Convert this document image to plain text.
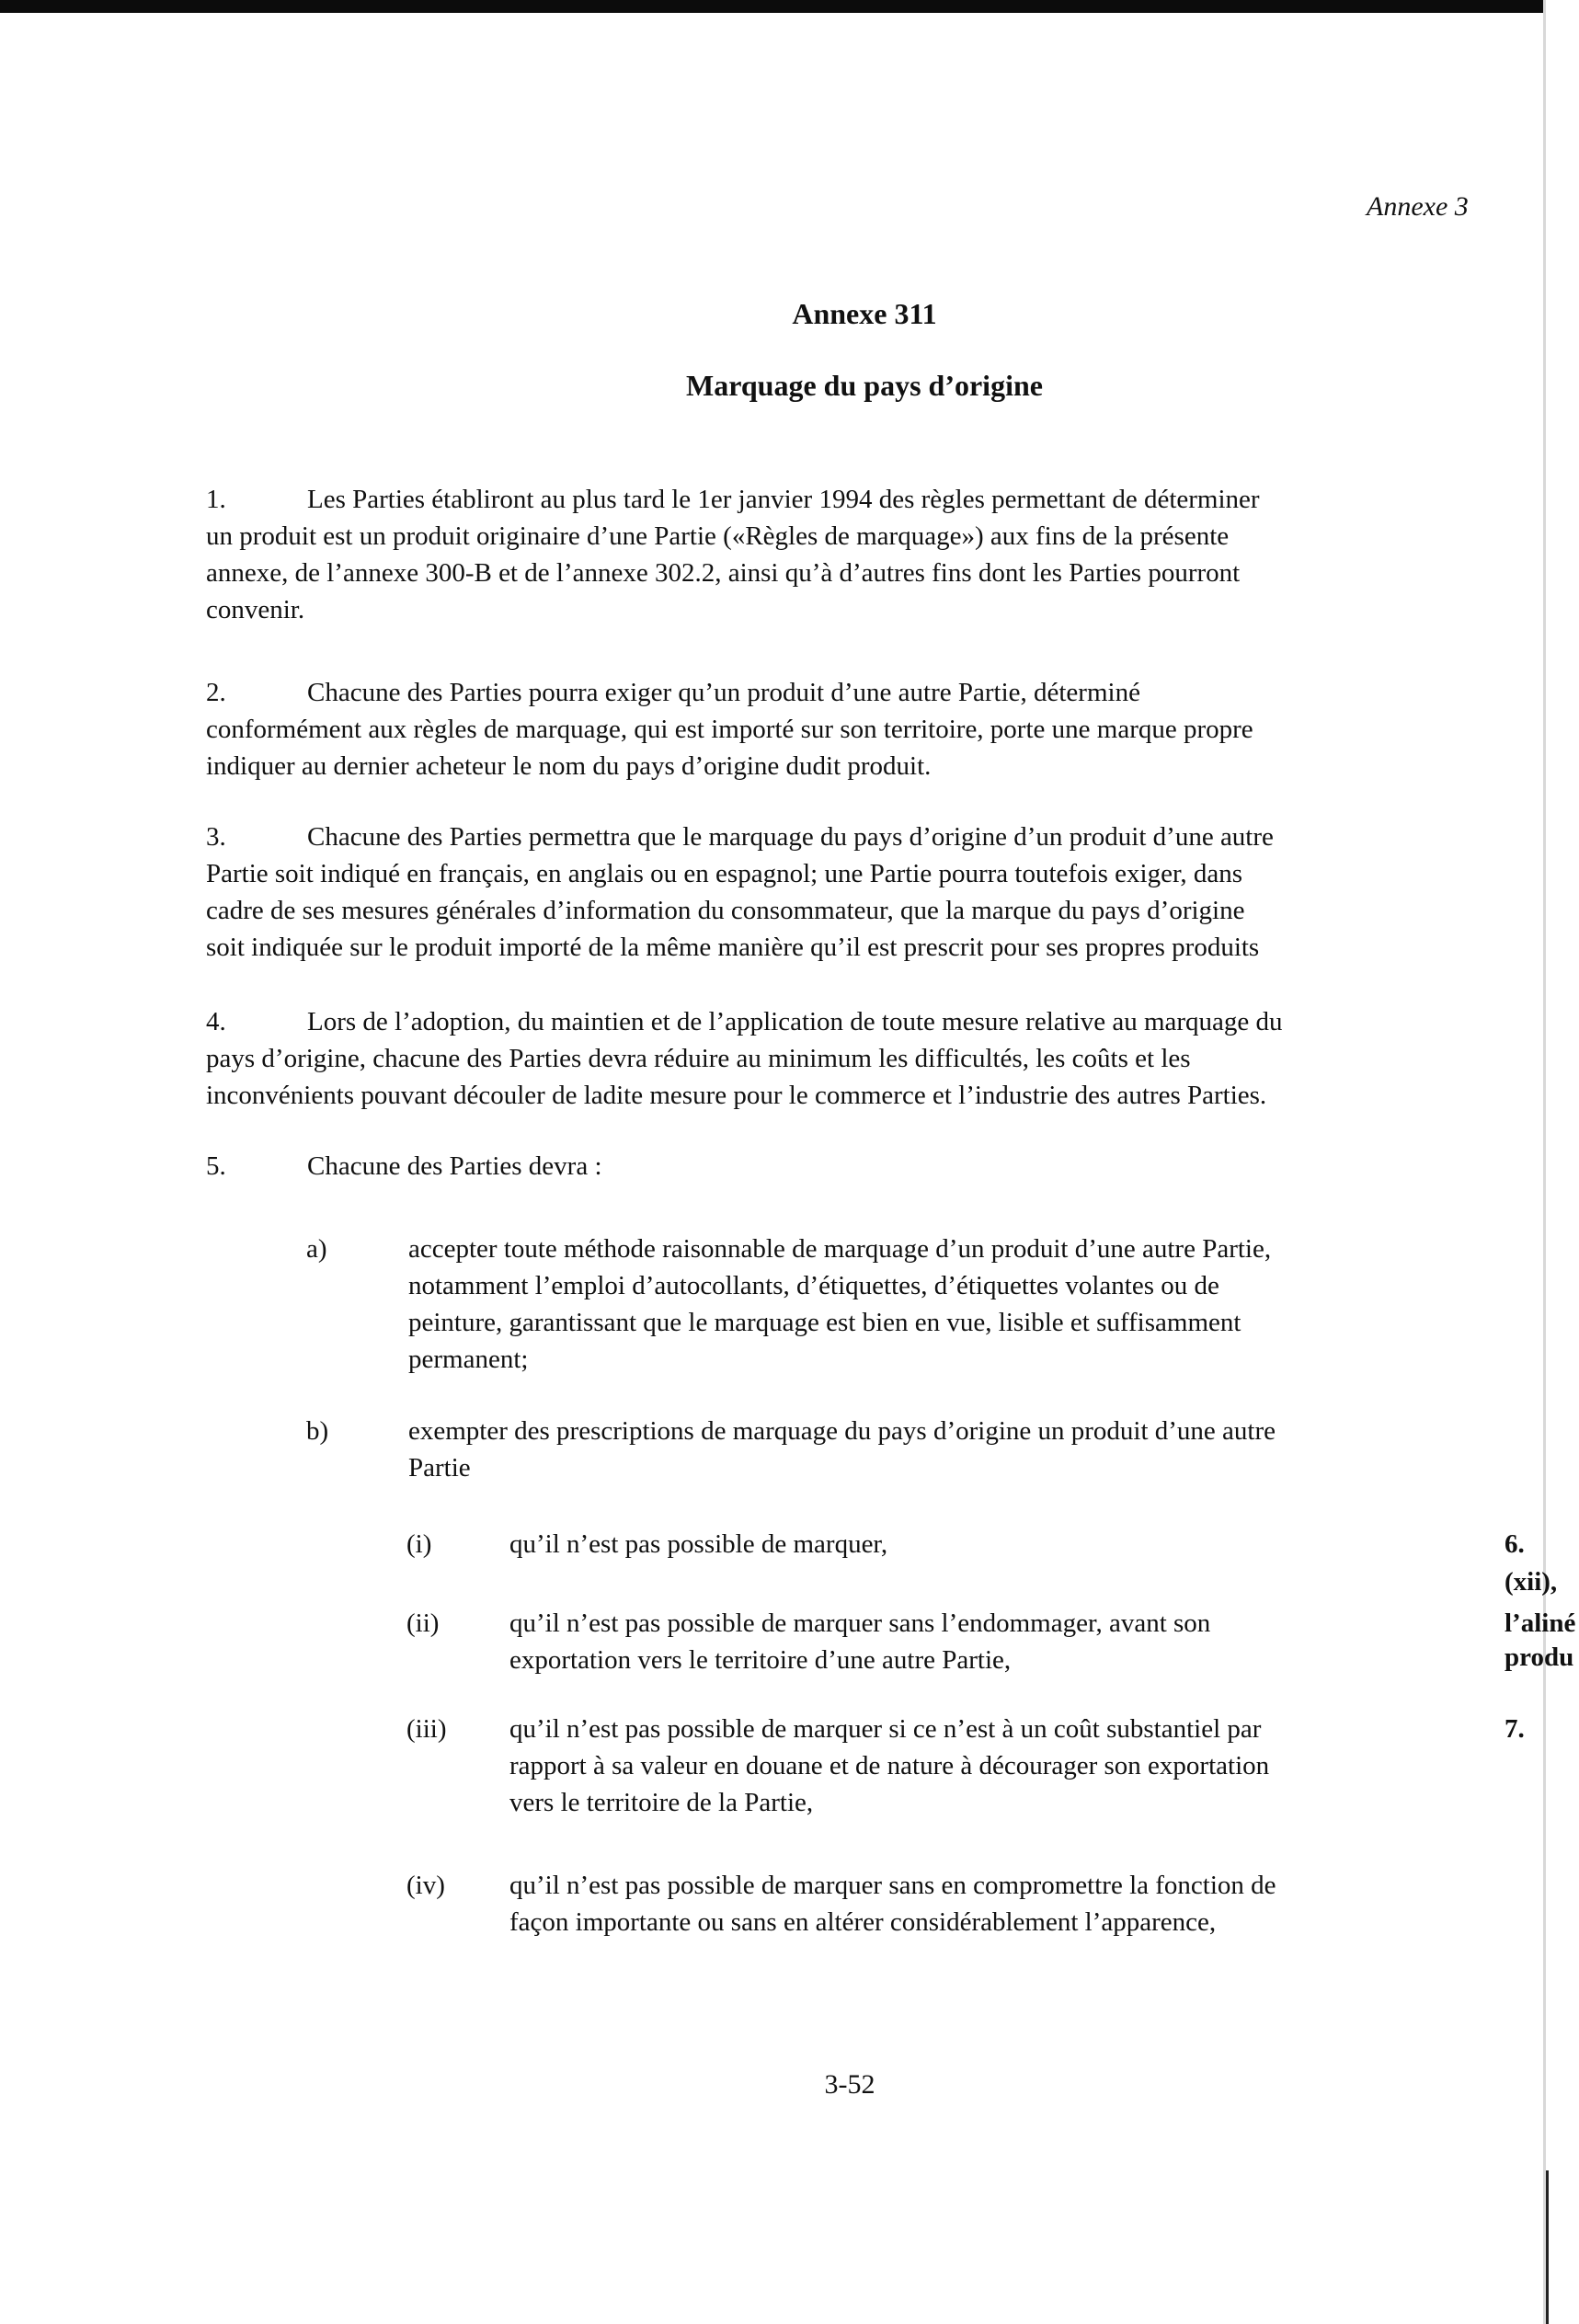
Annexe 3
Annexe 311
Marquage du pays d’origine
1.	Les Parties établiront au plus tard le 1er janvier 1994 des règles permettant de déterminer
un produit est un produit originaire d’une Partie («Règles de marquage») aux fins de la présente
annexe, de l’annexe 300-B et de l’annexe 302.2, ainsi qu’à d’autres fins dont les Parties pourront
convenir.
2.	Chacune des Parties pourra exiger qu’un produit d’une autre Partie, déterminé
conformément aux règles de marquage, qui est importé sur son territoire, porte une marque propre
indiquer au dernier acheteur le nom du pays d’origine dudit produit.
3.	Chacune des Parties permettra que le marquage du pays d’origine d’un produit d’une autre
Partie soit indiqué en français, en anglais ou en espagnol; une Partie pourra toutefois exiger, dans
cadre de ses mesures générales d’information du consommateur, que la marque du pays d’origine
soit indiquée sur le produit importé de la même manière qu’il est prescrit pour ses propres produits
4.	Lors de l’adoption, du maintien et de l’application de toute mesure relative au marquage du
pays d’origine, chacune des Parties devra réduire au minimum les difficultés, les coûts et les
inconvénients pouvant découler de ladite mesure pour le commerce et l’industrie des autres Parties.
5.	Chacune des Parties devra :
a)	accepter toute méthode raisonnable de marquage d’un produit d’une autre Partie,
notamment l’emploi d’autocollants, d’étiquettes, d’étiquettes volantes ou de
peinture, garantissant que le marquage est bien en vue, lisible et suffisamment
permanent;
b)	exempter des prescriptions de marquage du pays d’origine un produit d’une autre
Partie
(i)	qu’il n’est pas possible de marquer,
(ii)	qu’il n’est pas possible de marquer sans l’endommager, avant son
exportation vers le territoire d’une autre Partie,
(iii) qu’il n’est pas possible de marquer si ce n’est à un coût substantiel par
rapport à sa valeur en douane et de nature à décourager son exportation
vers le territoire de la Partie,
(iv) qu’il n’est pas possible de marquer sans en compromettre la fonction de
façon importante ou sans en altérer considérablement l’apparence,
6.
(xii),
l’aliné
produ
7.
3-52
